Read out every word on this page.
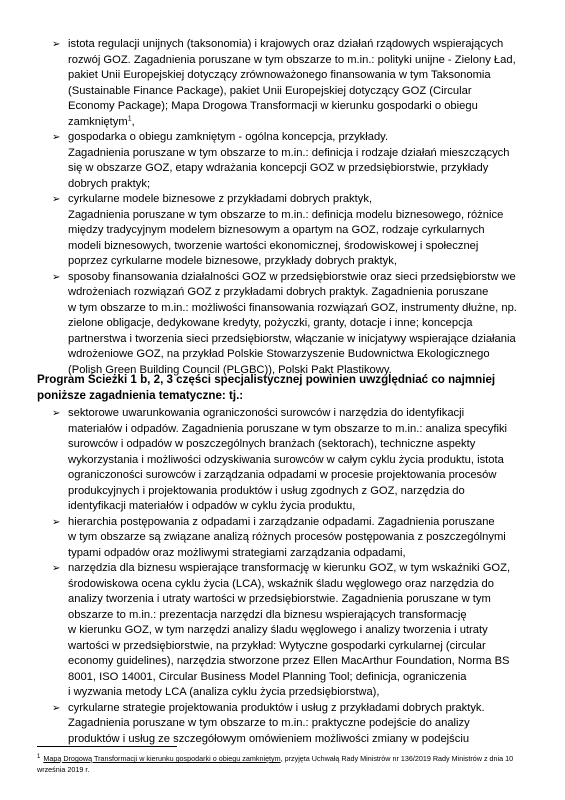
➢ istota regulacji unijnych (taksonomia) i krajowych oraz działań rządowych wspierających
rozwój GOZ. Zagadnienia poruszane w tym obszarze to m.in.: polityki unijne - Zielony Ład,
pakiet Unii Europejskiej dotyczący zrównoważonego finansowania w tym Taksonomia
(Sustainable Finance Package), pakiet Unii Europejskiej dotyczący GOZ (Circular
Economy Package); Mapa Drogowa Transformacji w kierunku gospodarki o obiegu
zamkniętym$^1$,
➢ gospodarka o obiegu zamkniętym - ogólna koncepcja, przykłady.
Zagadnienia poruszane w tym obszarze to m.in.: definicja i rodzaje działań mieszczących
się w obszarze GOZ, etapy wdrażania koncepcji GOZ w przedsiębiorstwie, przykłady
dobrych praktyk;
➢ cyrkularne modele biznesowe z przykładami dobrych praktyk,
Zagadnienia poruszane w tym obszarze to m.in.: definicja modelu biznesowego, różnice
między tradycyjnym modelem biznesowym a opartym na GOZ, rodzaje cyrkularnych
modeli biznesowych, tworzenie wartości ekonomicznej, środowiskowej i społecznej
poprzez cyrkularne modele biznesowe, przykłady dobrych praktyk,
➢ sposoby finansowania działalności GOZ w przedsiębiorstwie oraz sieci przedsiębiorstw we
wdrożeniach rozwiązań GOZ z przykładami dobrych praktyk. Zagadnienia poruszane
w tym obszarze to m.in.: możliwości finansowania rozwiązań GOZ, instrumenty dłużne, np.
zielone obligacje, dedykowane kredyty, pożyczki, granty, dotacje i inne; koncepcja
partnerstwa i tworzenia sieci przedsiębiorstw, włączanie w inicjatywy wspierające działania
wdrożeniowe GOZ, na przykład Polskie Stowarzyszenie Budownictwa Ekologicznego
(Polish Green Building Council (PLGBC)), Polski Pakt Plastikowy.
Program Ścieżki 1 b, 2, 3 części specjalistycznej powinien uwzględniać co najmniej
poniższe zagadnienia tematyczne: tj.:
➢ sektorowe uwarunkowania ograniczoności surowców i narzędzia do identyfikacji
materiałów i odpadów. Zagadnienia poruszane w tym obszarze to m.in.: analiza specyfiki
surowców i odpadów w poszczególnych branżach (sektorach), techniczne aspekty
wykorzystania i możliwości odzyskiwania surowców w całym cyklu życia produktu, istota
ograniczoności surowców i zarządzania odpadami w procesie projektowania procesów
produkcyjnych i projektowania produktów i usług zgodnych z GOZ, narzędzia do
identyfikacji materiałów i odpadów w cyklu życia produktu,
➢ hierarchia postępowania z odpadami i zarządzanie odpadami. Zagadnienia poruszane
w tym obszarze są związane analizą różnych procesów postępowania z poszczególnymi
typami odpadów oraz możliwymi strategiami zarządzania odpadami,
➢ narzędzia dla biznesu wspierające transformację w kierunku GOZ, w tym wskaźniki GOZ,
środowiskowa ocena cyklu życia (LCA), wskaźnik śladu węglowego oraz narzędzia do
analizy tworzenia i utraty wartości w przedsiębiorstwie. Zagadnienia poruszane w tym
obszarze to m.in.: prezentacja narzędzi dla biznesu wspierających transformację
w kierunku GOZ, w tym narzędzi analizy śladu węglowego i analizy tworzenia i utraty
wartości w przedsiębiorstwie, na przykład: Wytyczne gospodarki cyrkularnej (circular
economy guidelines), narzędzia stworzone przez Ellen MacArthur Foundation, Norma BS
8001, ISO 14001, Circular Business Model Planning Tool; definicja, ograniczenia
i wyzwania metody LCA (analiza cyklu życia przedsiębiorstwa),
➢ cyrkularne strategie projektowania produktów i usług z przykładami dobrych praktyk.
Zagadnienia poruszane w tym obszarze to m.in.: praktyczne podejście do analizy
produktów i usług ze szczegółowym omówieniem możliwości zmiany w podejściu
$^1$ Mapą Drogową Transformacji w kierunku gospodarki o obiegu zamkniętym, przyjęta Uchwałą Rady Ministrów nr 136/2019 Rady Ministrów z dnia 10
września 2019 r.
